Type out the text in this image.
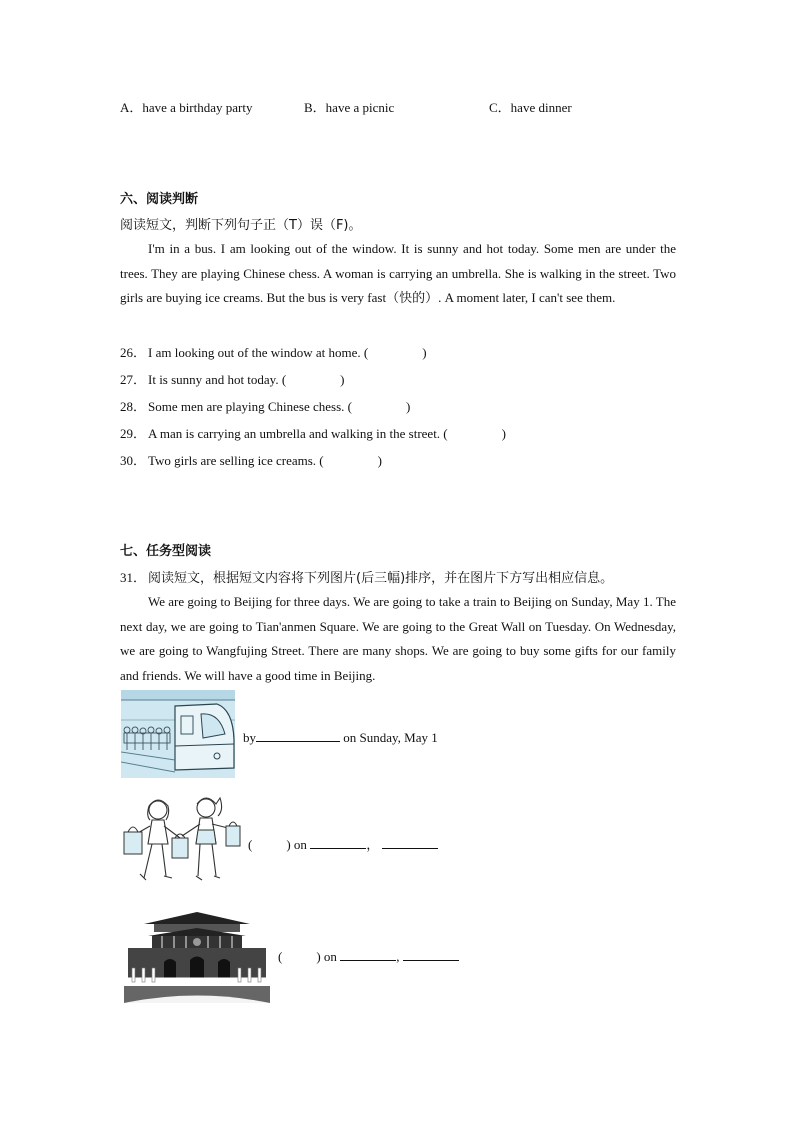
A．have a birthday party	B．have a picnic	C．have dinner
六、阅读判断
阅读短文，判断下列句子正（T）误（F)。

I'm in a bus. I am looking out of the window. It is sunny and hot today. Some men are under the trees. They are playing Chinese chess. A woman is carrying an umbrella. She is walking in the street. Two girls are buying ice creams. But the bus is very fast（快的）. A moment later, I can't see them.

26． I am looking out of the window at home. (	)
27． It is sunny and hot today. (	)
28． Some men are playing Chinese chess. (	)
29． A man is carrying an umbrella and walking in the street. (	)
30． Two girls are selling ice creams. (	)
七、任务型阅读
31． 阅读短文，根据短文内容将下列图片(后三幅)排序，并在图片下方写出相应信息。

We are going to Beijing for three days. We are going to take a train to Beijing on Sunday, May 1. The next day, we are going to Tian'anmen Square. We are going to the Great Wall on Tuesday. On Wednesday, we are going to Wangfujing Street. There are many shops. We are going to buy some gifts for our family and friends. We will have a good time in Beijing.

by	on Sunday, May 1
(	) on	，
(	) on	,
